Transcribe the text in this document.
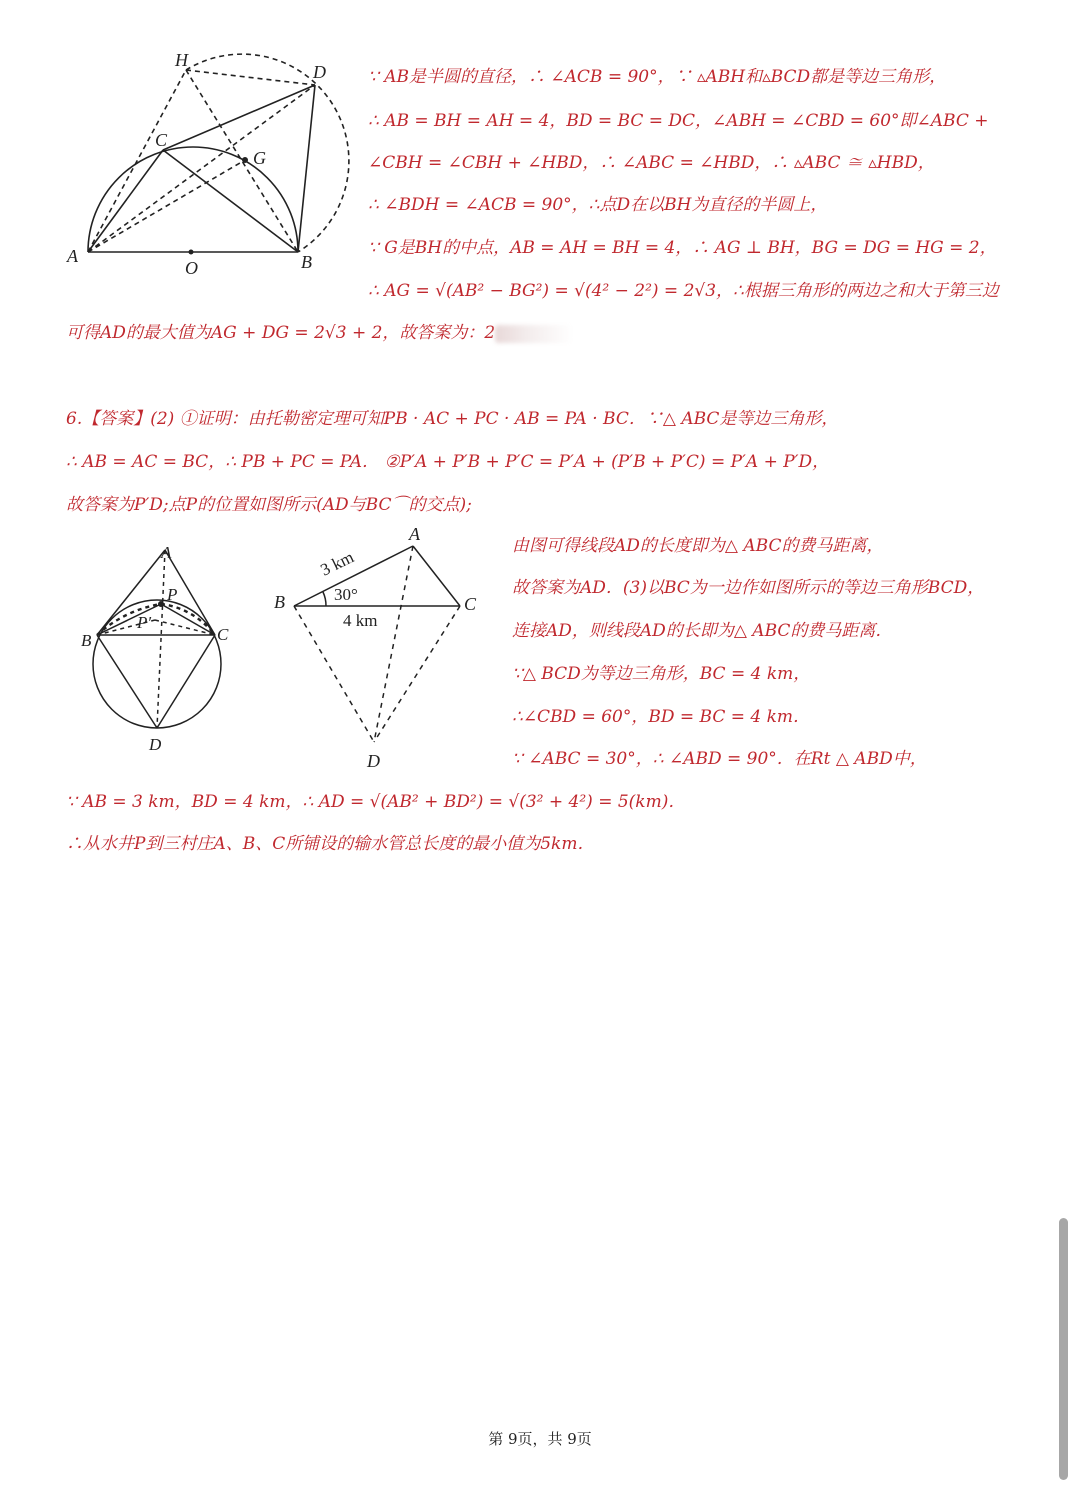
H
D
C
G
A
O	B
∵ AB是半圆的直径，∴ ∠ACB = 90°，∵ ▵ABH和▵BCD都是等边三角形，
∴ AB = BH = AH = 4，BD = BC = DC，∠ABH = ∠CBD = 60°即∠ABC +
∠CBH = ∠CBH + ∠HBD，∴ ∠ABC = ∠HBD，∴ ▵ABC ≅ ▵HBD，
∴ ∠BDH = ∠ACB = 90°，∴点D在以BH为直径的半圆上，
∵ G是BH的中点，AB = AH = BH = 4，∴ AG ⊥ BH，BG = DG = HG = 2，
∴ AG = √(AB² − BG²) = √(4² − 2²) = 2√3，∴根据三角形的两边之和大于第三边
可得AD的最大值为AG + DG = 2√3 + 2，故答案为：2
6.【答案】(2) ①证明：由托勒密定理可知PB · AC + PC · AB = PA · BC．∵△ ABC是等边三角形，
∴ AB = AC = BC，∴ PB + PC = PA． ②P′A + P′B + P′C = P′A + (P′B + P′C) = P′A + P′D，
故答案为P′D;点P的位置如图所示(AD与BC⌒的交点);
由图可得线段AD的长度即为△ ABC的费马距离，
故答案为AD．(3)以BC为一边作如图所示的等边三角形BCD，
连接AD，则线段AD的长即为△ ABC的费马距离．
∵△ BCD为等边三角形，BC = 4 km，
∴∠CBD = 60°，BD = BC = 4 km．
∵ ∠ABC = 30°，∴ ∠ABD = 90°．在Rt △ ABD中，
∵ AB = 3 km，BD = 4 km，∴ AD = √(AB² + BD²) = √(3² + 4²) = 5(km)．
∴从水井P到三村庄A、B、C所铺设的输水管总长度的最小值为5km．
A
P
P′
B	C
D
A
B	C
D
3 km
30°
4 km
第 9页，共 9页
